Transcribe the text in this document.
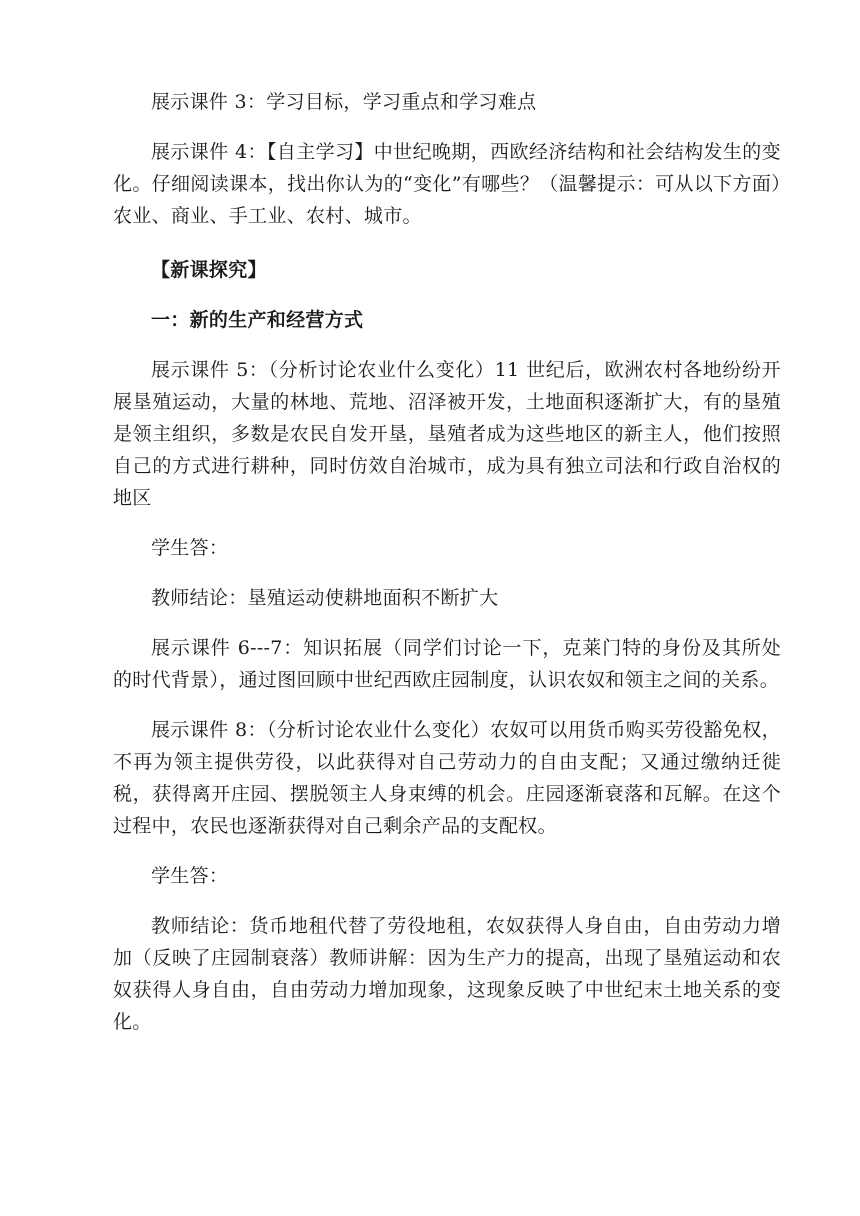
展示课件 3：学习目标，学习重点和学习难点

展示课件 4：【自主学习】中世纪晚期，西欧经济结构和社会结构发生的变化。仔细阅读课本，找出你认为的“变化”有哪些？（温馨提示：可从以下方面）农业、商业、手工业、农村、城市。

【新课探究】

一：新的生产和经营方式

展示课件 5：（分析讨论农业什么变化）11 世纪后，欧洲农村各地纷纷开展垦殖运动，大量的林地、荒地、沼泽被开发，土地面积逐渐扩大，有的垦殖是领主组织，多数是农民自发开垦，垦殖者成为这些地区的新主人，他们按照自己的方式进行耕种，同时仿效自治城市，成为具有独立司法和行政自治权的地区

学生答：

教师结论：垦殖运动使耕地面积不断扩大

展示课件 6---7：知识拓展（同学们讨论一下，克莱门特的身份及其所处的时代背景），通过图回顾中世纪西欧庄园制度，认识农奴和领主之间的关系。

展示课件 8：（分析讨论农业什么变化）农奴可以用货币购买劳役豁免权，不再为领主提供劳役，以此获得对自己劳动力的自由支配；又通过缴纳迁徙税，获得离开庄园、摆脱领主人身束缚的机会。庄园逐渐衰落和瓦解。在这个过程中，农民也逐渐获得对自己剩余产品的支配权。

学生答：

教师结论：货币地租代替了劳役地租，农奴获得人身自由，自由劳动力增加（反映了庄园制衰落）教师讲解：因为生产力的提高，出现了垦殖运动和农奴获得人身自由，自由劳动力增加现象，这现象反映了中世纪末土地关系的变化。
